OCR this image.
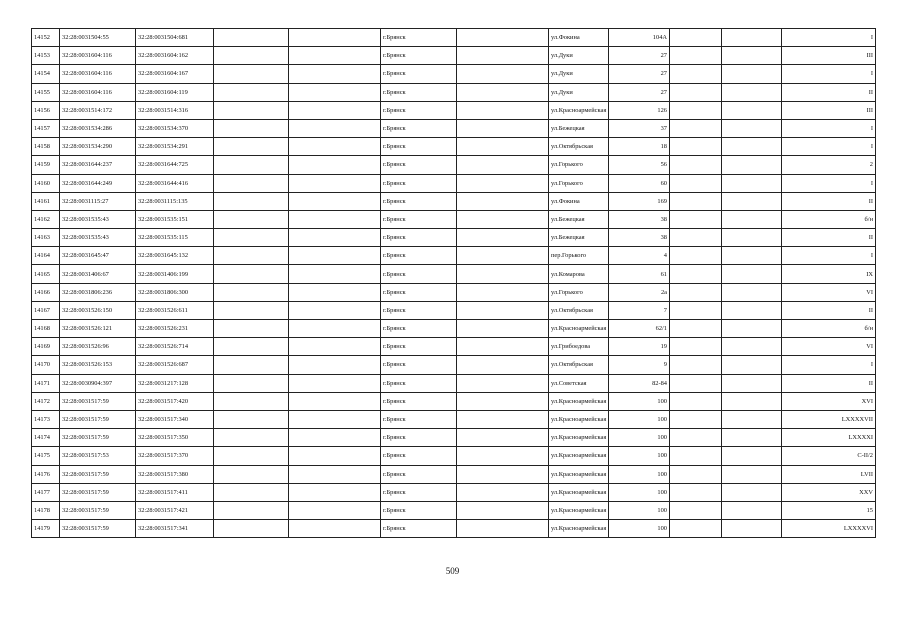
14152	32:28:0031504:55	32:28:0031504:681			г.Брянск		ул.Фокина	104А			I
14153	32:28:0031604:116	32:28:0031604:162			г.Брянск		ул.Дуки	27			III
14154	32:28:0031604:116	32:28:0031604:167			г.Брянск		ул.Дуки	27			I
14155	32:28:0031604:116	32:28:0031604:119			г.Брянск		ул.Дуки	27			II
14156	32:28:0031514:172	32:28:0031514:316			г.Брянск		ул.Красноармейская	126			III
14157	32:28:0031534:286	32:28:0031534:370			г.Брянск		ул.Бежецкая	37			I
14158	32:28:0031534:290	32:28:0031534:291			г.Брянск		ул.Октябрьская	18			I
14159	32:28:0031644:237	32:28:0031644:725			г.Брянск		ул.Горького	56			2
14160	32:28:0031644:249	32:28:0031644:416			г.Брянск		ул.Горького	60			I
14161	32:28:0031115:27	32:28:0031115:135			г.Брянск		ул.Фокина	169			II
14162	32:28:0031535:43	32:28:0031535:151			г.Брянск		ул.Бежецкая	38			б/н
14163	32:28:0031535:43	32:28:0031535:115			г.Брянск		ул.Бежецкая	38			II
14164	32:28:0031645:47	32:28:0031645:132			г.Брянск		пер.Горького	4			I
14165	32:28:0031406:67	32:28:0031406:199			г.Брянск		ул.Комарова	61			IX
14166	32:28:0031806:236	32:28:0031806:300			г.Брянск		ул.Горького	2а			VI
14167	32:28:0031526:150	32:28:0031526:611			г.Брянск		ул.Октябрьская	7			II
14168	32:28:0031526:121	32:28:0031526:231			г.Брянск		ул.Красноармейская	62/1			б/н
14169	32:28:0031526:96	32:28:0031526:714			г.Брянск		ул.Грибоедова	19			VI
14170	32:28:0031526:153	32:28:0031526:687			г.Брянск		ул.Октябрьская	9			I
14171	32:28:0030904:397	32:28:0031217:128			г.Брянск		ул.Советская	82-84			II
14172	32:28:0031517:59	32:28:0031517:420			г.Брянск		ул.Красноармейская	100			XVI
14173	32:28:0031517:59	32:28:0031517:340			г.Брянск		ул.Красноармейская	100			LXXXXVII
14174	32:28:0031517:59	32:28:0031517:350			г.Брянск		ул.Красноармейская	100			LXXXXI
14175	32:28:0031517:53	32:28:0031517:370			г.Брянск		ул.Красноармейская	100			C-II/2
14176	32:28:0031517:59	32:28:0031517:380			г.Брянск		ул.Красноармейская	100			LVII
14177	32:28:0031517:59	32:28:0031517:411			г.Брянск		ул.Красноармейская	100			XXV
14178	32:28:0031517:59	32:28:0031517:421			г.Брянск		ул.Красноармейская	100			15
14179	32:28:0031517:59	32:28:0031517:341			г.Брянск		ул.Красноармейская	100			LXXXXVI
509
